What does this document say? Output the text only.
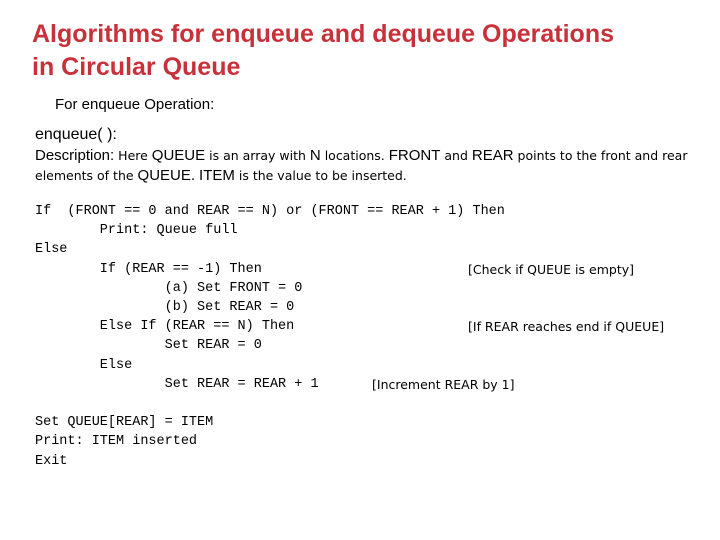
Algorithms for enqueue and dequeue Operations
in Circular Queue
For enqueue Operation:
enqueue( ):
Description: Here QUEUE is an array with N locations. FRONT and REAR points to the front and rear elements of the QUEUE. ITEM is the value to be inserted.
If  (FRONT == 0 and REAR == N) or (FRONT == REAR + 1) Then
Print: Queue full
Else
If (REAR == -1) Then
(a) Set FRONT = 0
(b) Set REAR = 0
Else If (REAR == N) Then
Set REAR = 0
Else
Set REAR = REAR + 1
Set QUEUE[REAR] = ITEM
Print: ITEM inserted
Exit
[Check if QUEUE is empty]
[If REAR reaches end if QUEUE]
[Increment REAR by 1]
